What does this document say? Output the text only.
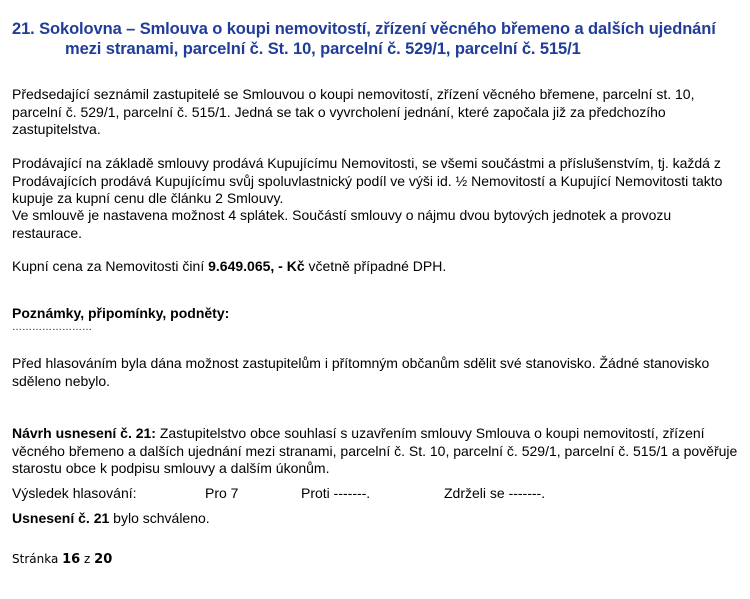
21. Sokolovna – Smlouva o koupi nemovitostí, zřízení věcného břemeno a dalších ujednání
mezi stranami, parcelní č. St. 10, parcelní č. 529/1, parcelní č. 515/1
Předsedající seznámil zastupitelé se Smlouvou o koupi nemovitostí, zřízení věcného břemene, parcelní st. 10, parcelní č. 529/1, parcelní č. 515/1. Jedná se tak o vyvrcholení jednání, které započala již za předchozího zastupitelstva.
Prodávající na základě smlouvy prodává Kupujícímu Nemovitosti, se všemi součástmi a příslušenstvím, tj. každá z Prodávajících prodává Kupujícímu svůj spoluvlastnický podíl ve výši id. ½ Nemovitostí a Kupující Nemovitosti takto kupuje za kupní cenu dle článku 2 Smlouvy.
Ve smlouvě je nastavena možnost 4 splátek. Součástí smlouvy o nájmu dvou bytových jednotek a provozu restaurace.
Kupní cena za Nemovitosti činí 9.649.065, - Kč včetně případné DPH.
Poznámky, připomínky, podněty:
……………………
Před hlasováním byla dána možnost zastupitelům i přítomným občanům sdělit své stanovisko. Žádné stanovisko sděleno nebylo.
Návrh usnesení č. 21: Zastupitelstvo obce souhlasí s uzavřením smlouvy Smlouva o koupi nemovitostí, zřízení věcného břemeno a dalších ujednání mezi stranami, parcelní č. St. 10, parcelní č. 529/1, parcelní č. 515/1 a pověřuje starostu obce k podpisu smlouvy a dalším úkonům.
Výsledek hlasování:	Pro 7	Proti -------.	Zdrželi se -------.
Usnesení č. 21 bylo schváleno.
Stránka 16 z 20
